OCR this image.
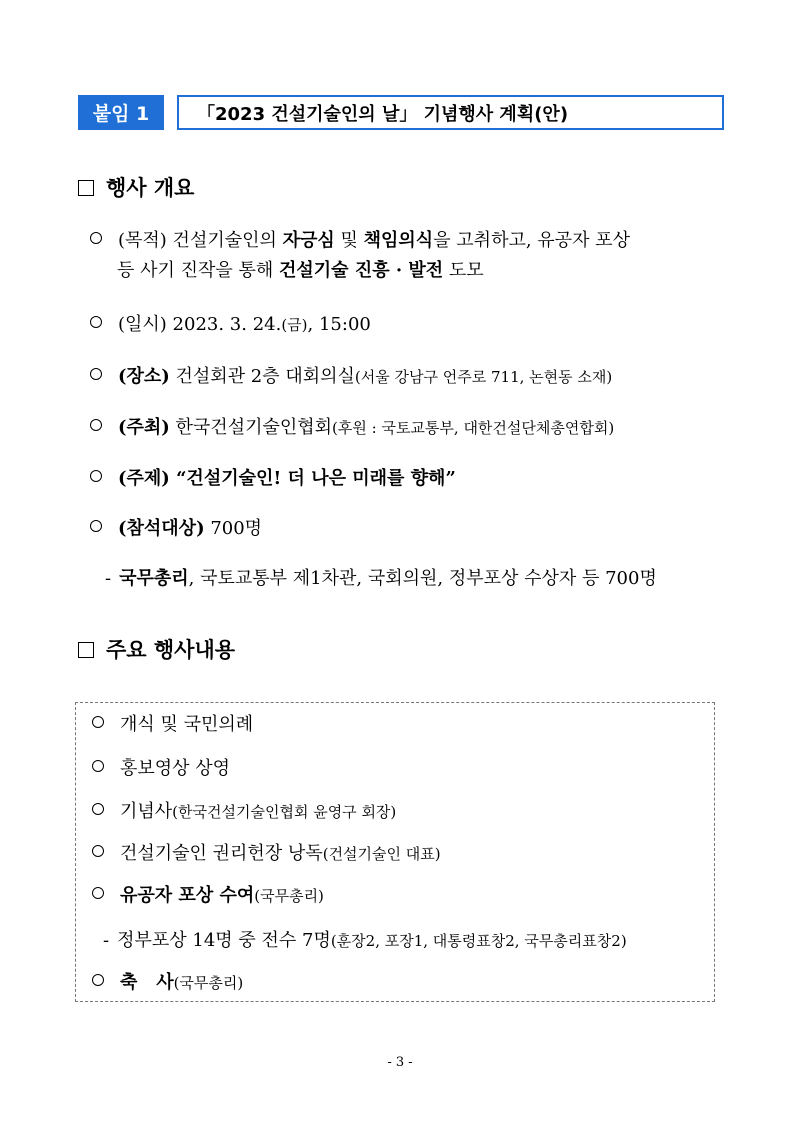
붙임 1	「2023 건설기술인의 날」 기념행사 계획(안)
행사 개요
(목적) 건설기술인의 자긍심 및 책임의식을 고취하고, 유공자 포상
등 사기 진작을 통해 건설기술 진흥 · 발전 도모
(일시) 2023. 3. 24.(금), 15:00
(장소) 건설회관 2층 대회의실(서울 강남구 언주로 711, 논현동 소재)
(주최) 한국건설기술인협회(후원 : 국토교통부, 대한건설단체총연합회)
(주제) “건설기술인! 더 나은 미래를 향해”
(참석대상) 700명
- 국무총리, 국토교통부 제1차관, 국회의원, 정부포상 수상자 등 700명
주요 행사내용
개식 및 국민의례
홍보영상 상영
기념사(한국건설기술인협회 윤영구 회장)
건설기술인 권리헌장 낭독(건설기술인 대표)
유공자 포상 수여(국무총리)
- 정부포상 14명 중 전수 7명(훈장2, 포장1, 대통령표창2, 국무총리표창2)
축   사(국무총리)
- 3 -
